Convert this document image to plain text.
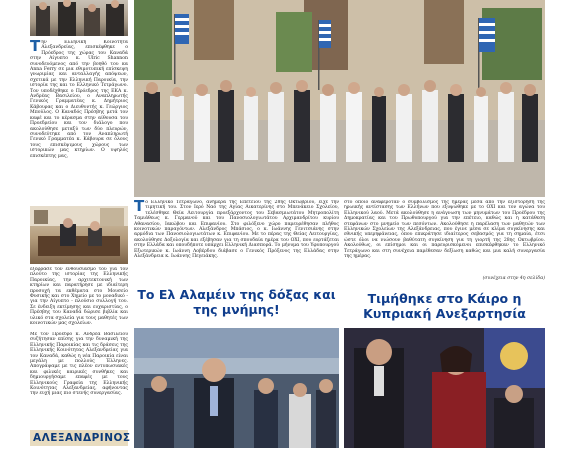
Την Ελληνική Κοινότητα Αλεξανδρείας, επισκέφθηκε ο Πρόεδρος της χώρας του Καναδά στην Αίγυπτο κ. Ulric Shannon συνοδευόμενος από την βοηθό του κα Anna Ferry σε μια εθιμοτυπική επίσκεψη γνωριμίας και ανταλλαγής απόψεων, σχετικά με την Ελληνική Παροικία, την ιστορία της και το Ελληνικό Τετράγωνο. Τον υποδέχθηκε ο Πρόεδρος της ΕΚΑ κ. Ανδρέας Βασιλείου, ο Αναπληρωτής Γενικός Γραμματέας κ. Δημήτριος Κάβουρας και ο Διευθυντής κ. Γεώργιος Μπούλος. Ο Καναδός Πρέσβης μετά τον καφέ και το κέρασμα στην αίθουσα του Προεδρείου και τον διάλογο που ακολούθησε μεταξύ των δύο πλευρών, συνοδεύτηκε από τον Αναπληρωτή Γενικό Γραμματέα κ. Κάβουρα σε όλους τους επισκέψιμους χώρους των ιστορικών μας κτηρίων. Ο υψηλός επισκέπτης μας,
εξέφρασε τον ενθουσιασμό του για τον πλούτο της ιστορίας της Ελληνικής Παροικίας, την αρχιτεκτονική των κτηρίων και παρατήρησε με ιδιαίτερη προσοχή τα εκθέματα στο Μουσείο Φυσικής και στο Χημείο με το μοναδικό - για την Αίγυπτο - πλούσιο συλλογή του. Σε ένδειξη εκτίμησης και ευχαριστίας, ο Πρέσβης του Καναδά δώρισε βιβλία και υλικό στα σχολεία για τους μαθητές των κοινοτικών μας σχολείων.
Με τον Πρόεδρο κ. Ανδρέα Βασιλείου συζήτησαν επίσης για την δυναμική της Ελληνικής Παροικίας και τις δράσεις της Ελληνικής Κοινότητας Αλεξανδρείας για τον Καναδά, καθώς η νέα Παροικία είναι μεγάλη με πολλούς Έλληνες. Απογράψαμε με τις πλέον εντυπωσιακές και φιλικές καιρικές συνθήκες και δημιουργήσαμε επαφές με τους Ελληνικούς Γραφεία της Ελληνικής Κοινότητας Αλεξανδρείας, αφήνοντας την ευχή μιας πιο στενής συνεργασίας.
ΑΛΕΞΑΝΔΡΙΝΟΣ
Το Ελληνικό Τετράγωνο, ανήμερα της Επετείου της 28ης Οκτωβρίου, είχε την τιμητική του. Στον Ιερό Ναό της Αγίας Αικατερίνης στο Μπενάκειο Σχολείου, τελέσθηκε Θεία Λειτουργία προεξάρχοντος του Σεβασμιωτάτου Μητροπολίτη Ταμιάθεως κ. Γερμανού και του Πανοσιολογιωτάτου Αρχιμανδρίτου κυρίου Αθανασίου, Ιακώβου και Επιφανίου. Στο φιλόξενο χώρο παρευρέθησαν πλήθος κοινοτικών παραγόντων. Αλεξάνδρος Μπάσιος, ο κ. Ιωάννης Γενιτσιάνης στην αρμόδια των Πανοσιολογιωτάτων κ. Επιφανίου. Με το πέρας της Θείας Λειτουργίας, ακολούθησε Δοξολογία και εξέβησαν για τη σπουδαία ημέρα του ΟΧΙ, που εορτάζεται στην Ελλάδα και οπουδήποτε υπάρχει Ελληνική Διασπορά. Το μήνυμα του Υφυπουργού Εξωτερικών κ. Ιωάννη Λοβέρδου διάβασε ο Γενικός Πρόξενος της Ελλάδας στην Αλεξάνδρεια κ. Ιωάννης Πεγειάκης.
στο οποίο αναφερόταν ο συμβολισμός της ημέρας μέσα από την εξιστόρηση της ηρωικής αντίστασης των Ελλήνων που εξυψώθηκε με το ΟΧΙ και τον αγώνα του Ελληνικού λαού. Μετά ακολούθησε η ανάγνωση των μηνυμάτων του Προέδρου της Δημοκρατίας και του Πρωθυπουργού για την επέτειο, καθώς και η κατάθεση στεφάνων στο μνημείο των πεσόντων. Ακολούθησε η παρέλαση των μαθητών των Ελληνικών Σχολείων της Αλεξάνδρειας, που έγινε μέσα σε κλίμα συγκίνησης και εθνικής υπερηφάνειας, όπου επικράτησε ιδιαίτερος σεβασμός για τη σημαία, έτσι ώστε όλοι να νιώσουν βαθύτατη συγκίνηση για τη γιορτή της 28ης Οκτωβρίου. Ακολούθως, οι επίσημοι και οι παρευρισκόμενοι επισκέφθηκαν το Ελληνικό Τετράγωνο και στη συνέχεια παρέθεσαν δεξίωση καθώς και μια καλή συνεργασία της ημέρας.
(συνέχεια στην 4η σελίδα)
Το Ελ Αλαμέιν της δόξας και της μνήμης!
Τιμήθηκε στο Κάιρο η Κυπριακή Ανεξαρτησία
